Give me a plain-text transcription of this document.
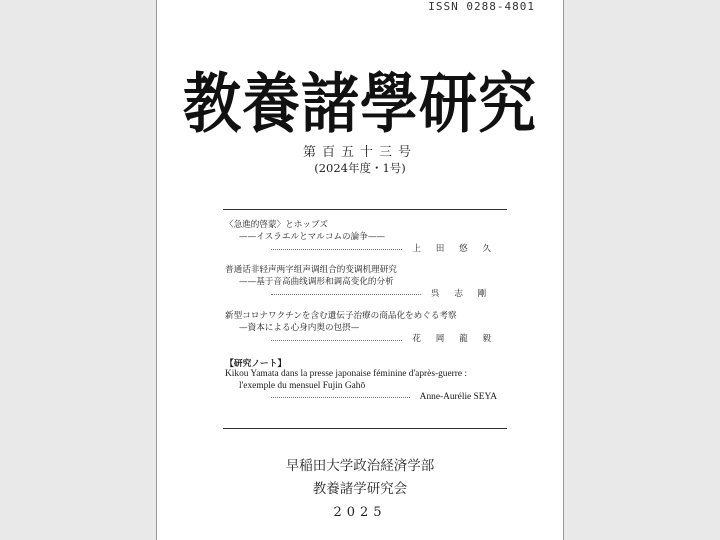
ISSN 0288-4801
教養諸學研究
第百五十三号
(2024年度・1号)
〈急進的啓蒙〉とホッブズ
——イスラエルとマルコムの論争——
上 田 悠 久
普通话非轻声两字组声调组合的变调机理研究
——基于音高曲线调形和调高变化的分析
呉 志 剛
新型コロナワクチンを含む遺伝子治療の商品化をめぐる考察
—資本による心身内奥の包摂—
花 岡 龍 毅
【研究ノート】
Kikou Yamata dans la presse japonaise féminine d'après-guerre :
l'exemple du mensuel Fujin Gahō
Anne-Aurélie SEYA
早稲田大学政治経済学部
教養諸学研究会
2025
